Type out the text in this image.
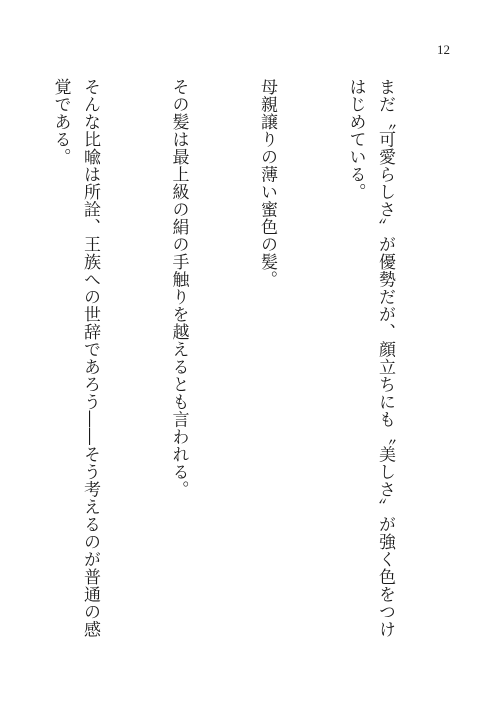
12

まだ〝可愛らしさ〟が優勢だが、顔立ちにも〝美しさ〟が強く色をつけはじめている。

母親譲りの薄い蜜色の髪。

その髪は最上級の絹の手触りを越えるとも言われる。

そんな比喩は所詮、王族への世辞であろう――そう考えるのが普通の感覚である。
